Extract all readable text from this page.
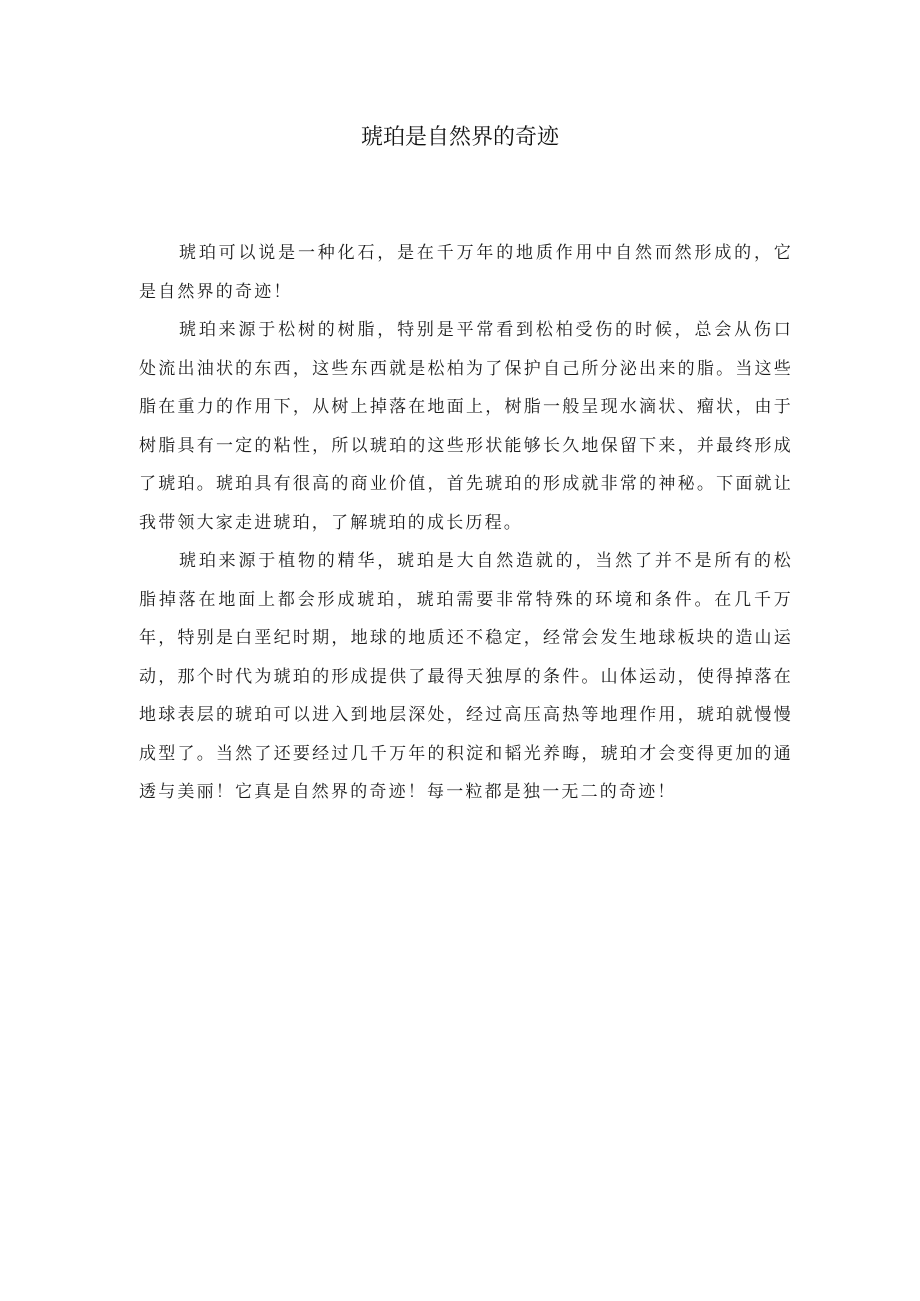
琥珀是自然界的奇迹

琥珀可以说是一种化石，是在千万年的地质作用中自然而然形成的，它是自然界的奇迹！

琥珀来源于松树的树脂，特别是平常看到松柏受伤的时候，总会从伤口处流出油状的东西，这些东西就是松柏为了保护自己所分泌出来的脂。当这些脂在重力的作用下，从树上掉落在地面上，树脂一般呈现水滴状、瘤状，由于树脂具有一定的粘性，所以琥珀的这些形状能够长久地保留下来，并最终形成了琥珀。琥珀具有很高的商业价值，首先琥珀的形成就非常的神秘。下面就让我带领大家走进琥珀，了解琥珀的成长历程。

琥珀来源于植物的精华，琥珀是大自然造就的，当然了并不是所有的松脂掉落在地面上都会形成琥珀，琥珀需要非常特殊的环境和条件。在几千万年，特别是白垩纪时期，地球的地质还不稳定，经常会发生地球板块的造山运动，那个时代为琥珀的形成提供了最得天独厚的条件。山体运动，使得掉落在地球表层的琥珀可以进入到地层深处，经过高压高热等地理作用，琥珀就慢慢成型了。当然了还要经过几千万年的积淀和韬光养晦，琥珀才会变得更加的通透与美丽！它真是自然界的奇迹！每一粒都是独一无二的奇迹！
